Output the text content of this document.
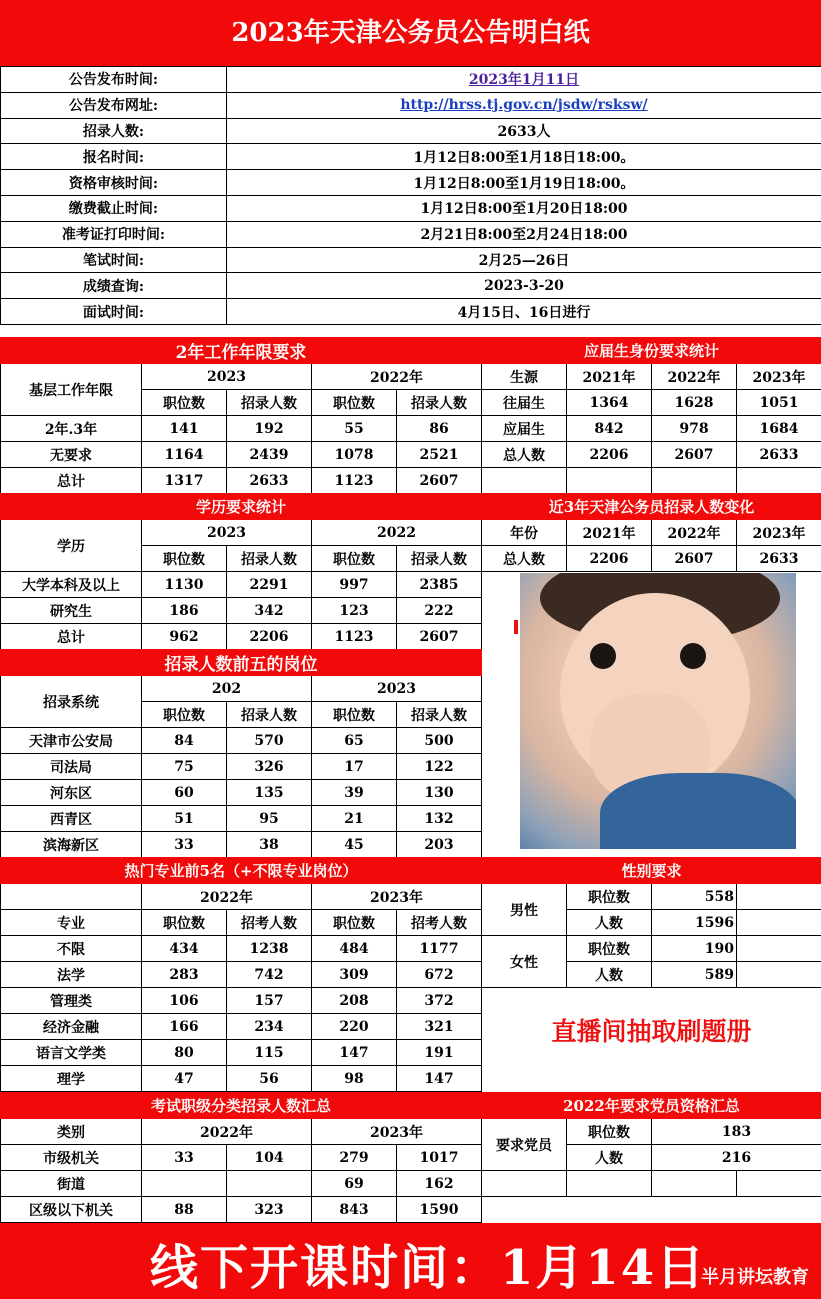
2023年天津公务员公告明白纸
公告发布时间:	2023年1月11日
公告发布网址:	http://hrss.tj.gov.cn/jsdw/rsksw/
招录人数:	2633人
报名时间:	1月12日8:00至1月18日18:00。
资格审核时间:	1月12日8:00至1月19日18:00。
缴费截止时间:	1月12日8:00至1月20日18:00
准考证打印时间:	2月21日8:00至2月24日18:00
笔试时间:	2月25—26日
成绩查询:	2023-3-20
面试时间:	4月15日、16日进行
2年工作年限要求				
基层工作年限	2023		2022年	
	职位数	招录人数	职位数	招录人数
2年.3年	141	192	55	86
无要求	1164	2439	1078	2521
总计	1317	2633	1123	2607
应届生身份要求统计			
生源	2021年	2022年	2023年
往届生	1364	1628	1051
应届生	842	978	1684
总人数	2206	2607	2633

学历要求统计				
学历	2023		2022	
	职位数	招录人数	职位数	招录人数
大学本科及以上	1130	2291	997	2385
研究生	186	342	123	222
总计	962	2206	1123	2607
近3年天津公务员招录人数变化			
年份	2021年	2022年	2023年
总人数	2206	2607	2633
招录人数前五的岗位				
招录系统	202		2023	
	职位数	招录人数	职位数	招录人数
天津市公安局	84	570	65	500
司法局	75	326	17	122
河东区	60	135	39	130
西青区	51	95	21	132
滨海新区	33	38	45	203
热门专业前5名（+不限专业岗位）				
	2022年		2023年	
专业	职位数	招考人数	职位数	招考人数
不限	434	1238	484	1177
法学	283	742	309	672
管理类	106	157	208	372
经济金融	166	234	220	321
语言文学类	80	115	147	191
理学	47	56	98	147
性别要求			
男性	职位数	558	
	人数	1596	
女性	职位数	190	
	人数	589	
直播间抽取刷题册
考试职级分类招录人数汇总				
类别	2022年		2023年	
市级机关	33	104	279	1017
街道			69	162
区级以下机关	88	323	843	1590
2022年要求党员资格汇总			
要求党员	职位数	183	
	人数	216	

线下开课时间：1月14日
半月讲坛教育
